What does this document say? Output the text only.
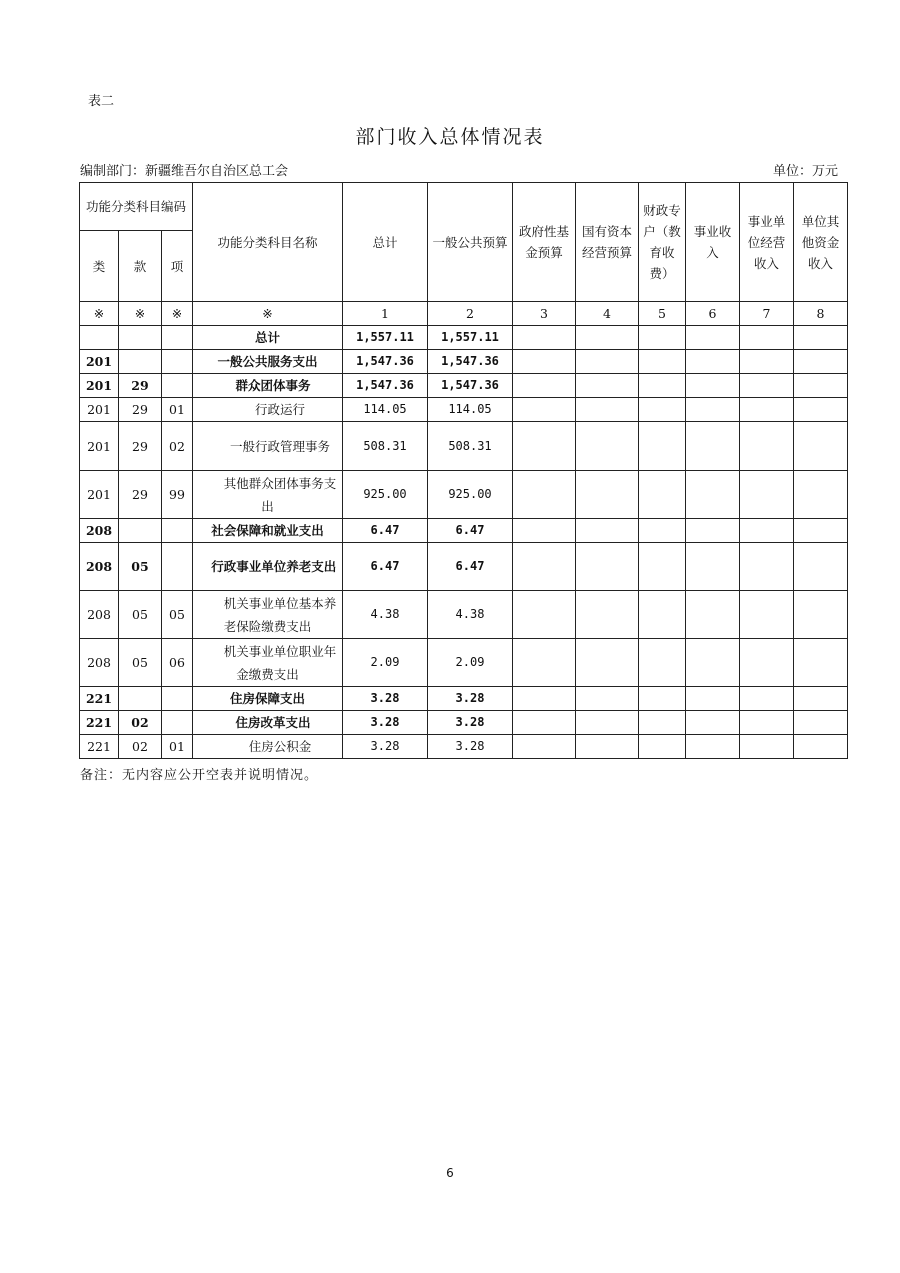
表二
部门收入总体情况表
编制部门：新疆维吾尔自治区总工会	单位：万元
功能分类科目编码			功能分类科目名称	总计	一般公共预算	政府性基金预算	国有资本经营预算	财政专户（教育收费）	事业收入	事业单位经营收入	单位其他资金收入
类	款	项									
※	※	※	※	1	2	3	4	5	6	7	8
			总计	1,557.11	1,557.11						
201			一般公共服务支出	1,547.36	1,547.36						
201	29		群众团体事务	1,547.36	1,547.36						
201	29	01	行政运行	114.05	114.05						
201	29	02	一般行政管理事务	508.31	508.31						
201	29	99	其他群众团体事务支出	925.00	925.00						
208			社会保障和就业支出	6.47	6.47						
208	05		行政事业单位养老支出	6.47	6.47						
208	05	05	机关事业单位基本养老保险缴费支出	4.38	4.38						
208	05	06	机关事业单位职业年金缴费支出	2.09	2.09						
221			住房保障支出	3.28	3.28						
221	02		住房改革支出	3.28	3.28						
221	02	01	住房公积金	3.28	3.28						
备注：无内容应公开空表并说明情况。
6
